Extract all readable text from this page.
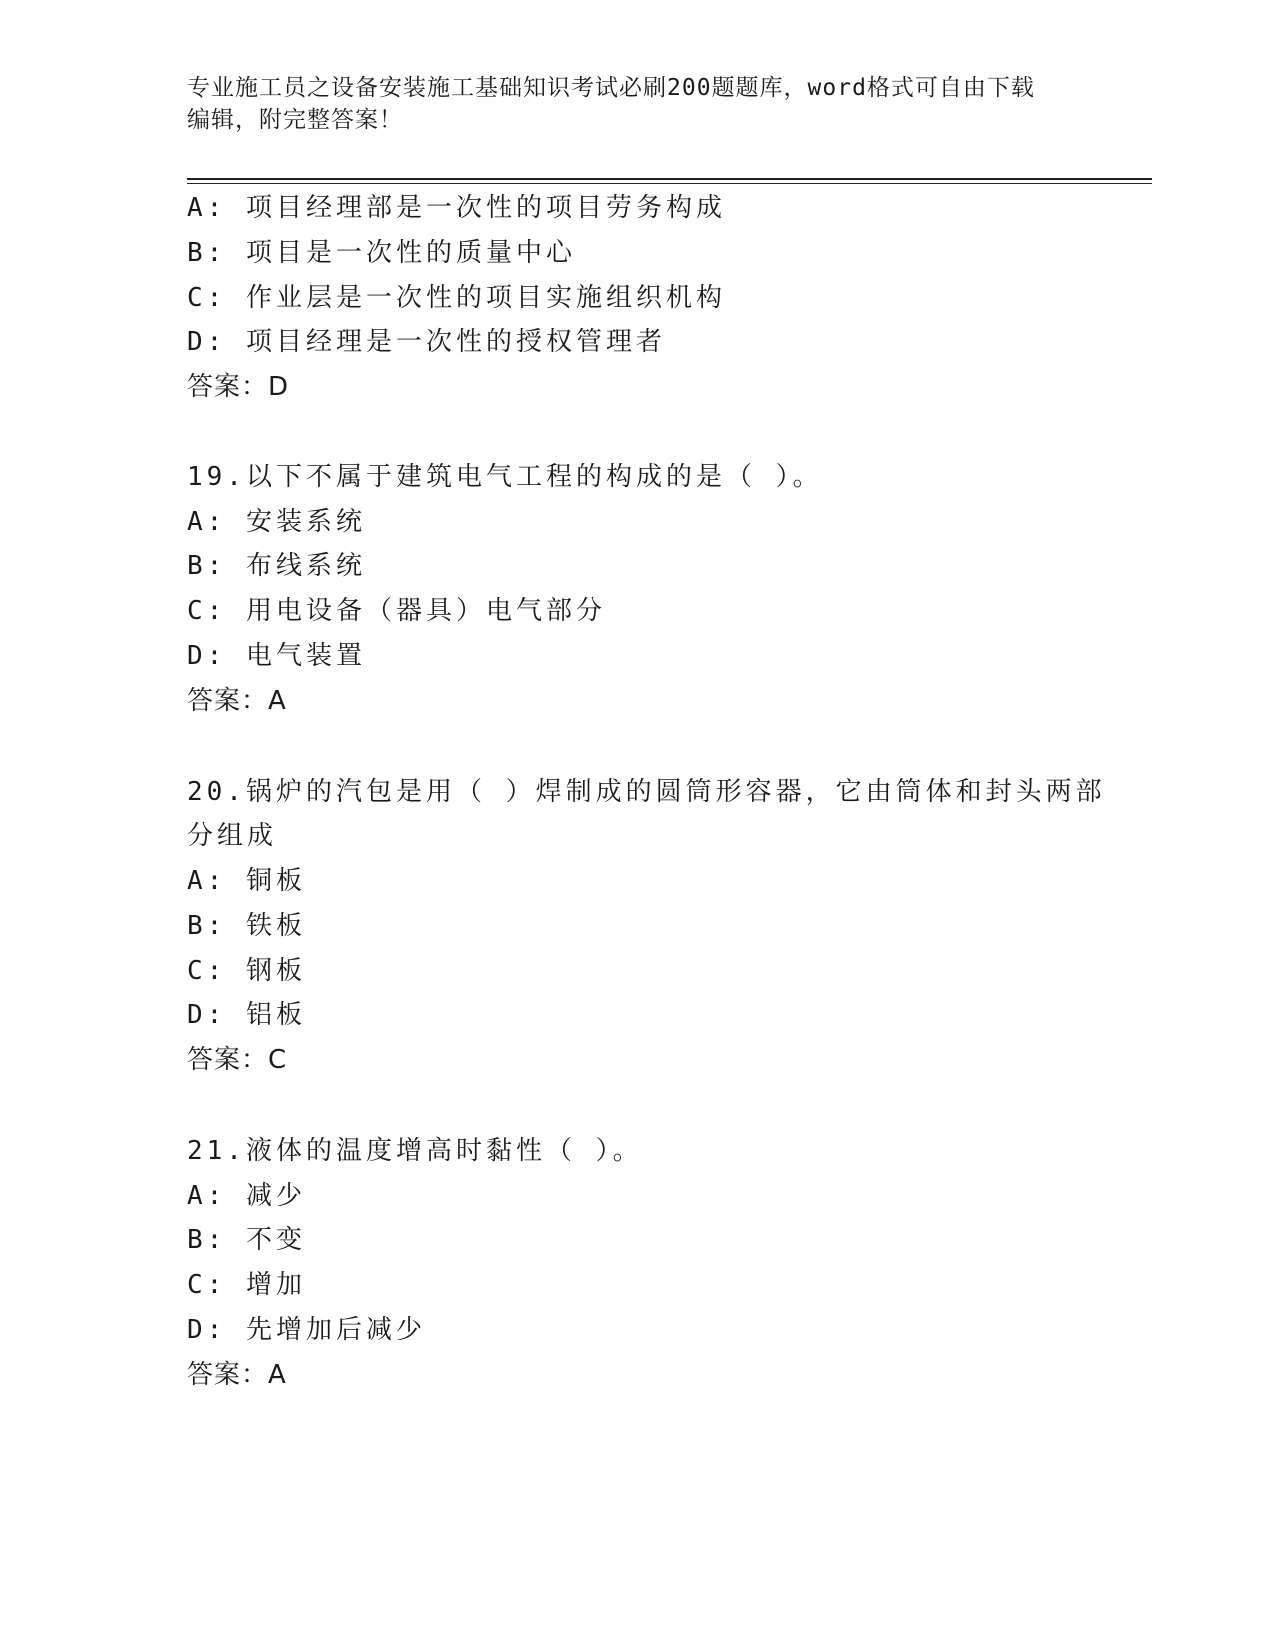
专业施工员之设备安装施工基础知识考试必刷200题题库，word格式可自由下载
编辑，附完整答案！
A: 项目经理部是一次性的项目劳务构成
B: 项目是一次性的质量中心
C: 作业层是一次性的项目实施组织机构
D: 项目经理是一次性的授权管理者
答案：D
19.以下不属于建筑电气工程的构成的是（ ）。
A: 安装系统
B: 布线系统
C: 用电设备（器具）电气部分
D: 电气装置
答案：A
20.锅炉的汽包是用（ ）焊制成的圆筒形容器，它由筒体和封头两部
分组成
A: 铜板
B: 铁板
C: 钢板
D: 铝板
答案：C
21.液体的温度增高时黏性（ ）。
A: 减少
B: 不变
C: 增加
D: 先增加后减少
答案：A
